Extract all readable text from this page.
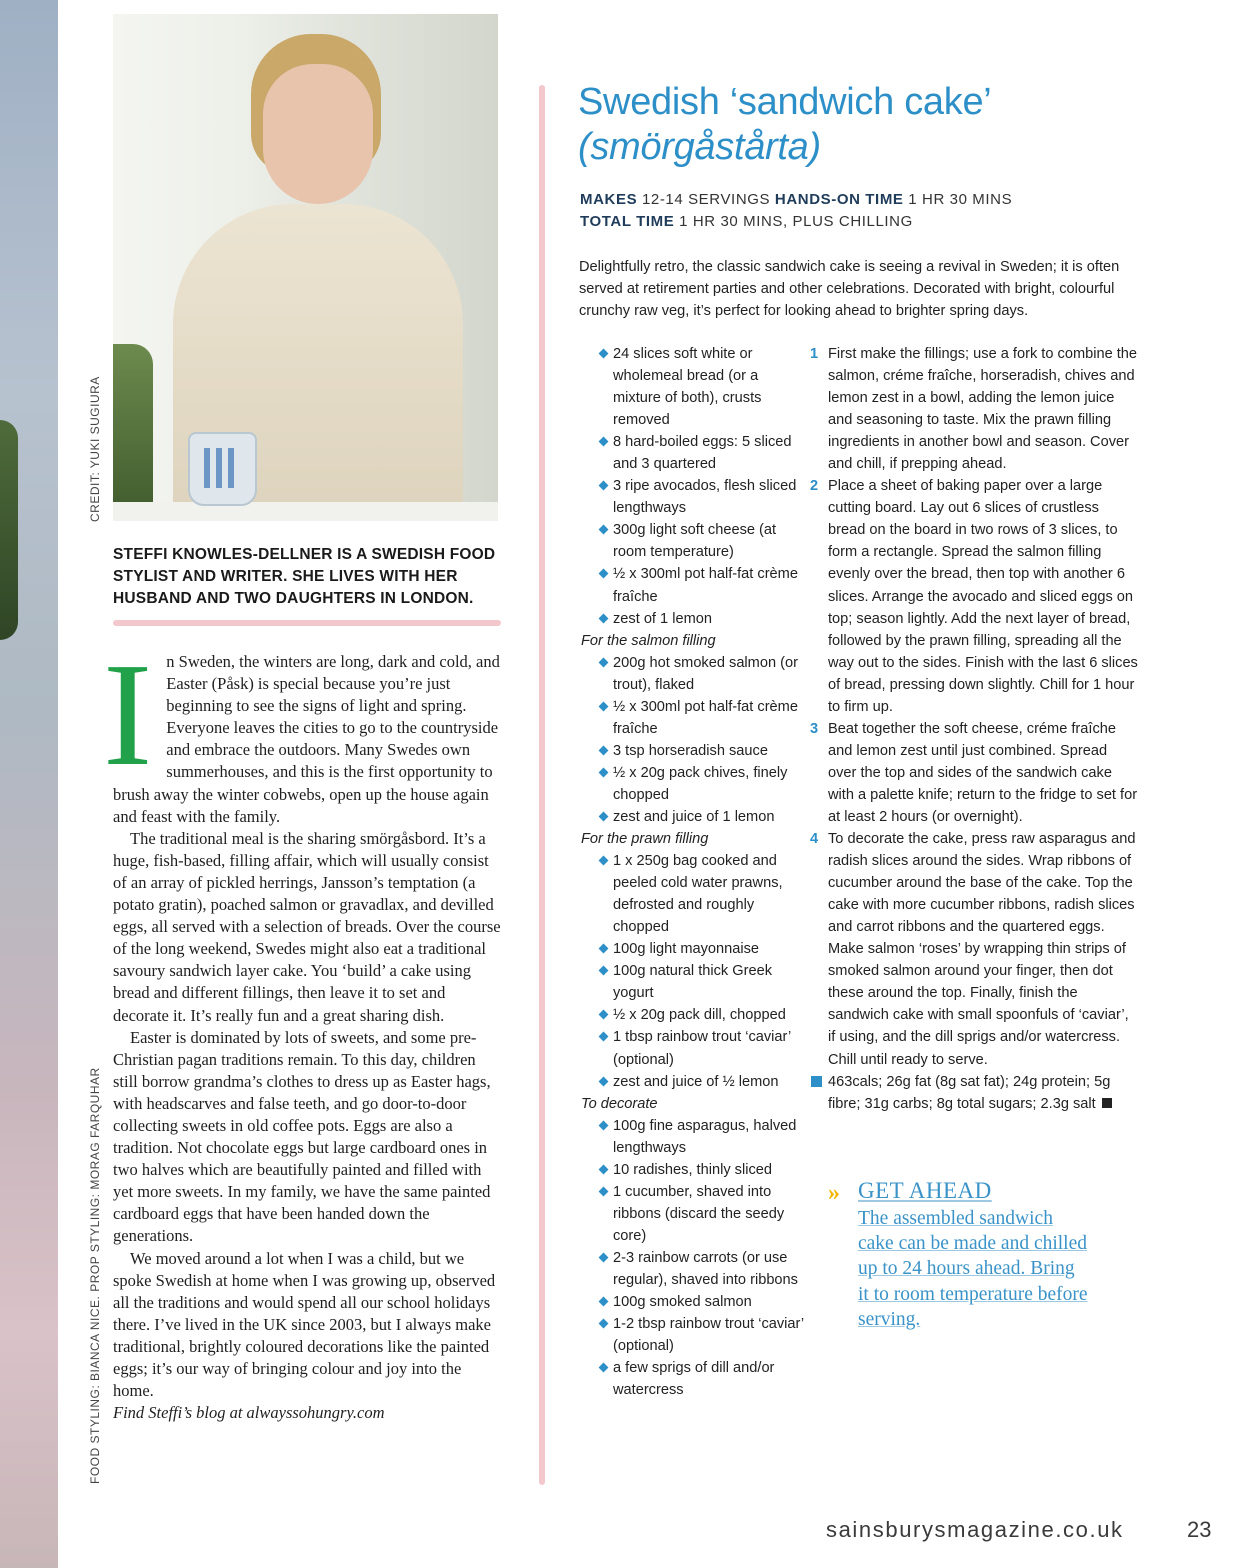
CREDIT: YUKI SUGIURA
FOOD STYLING: BIANCA NICE. PROP STYLING: MORAG FARQUHAR
STEFFI KNOWLES-DELLNER IS A SWEDISH FOOD STYLIST AND WRITER. SHE LIVES WITH HER HUSBAND AND TWO DAUGHTERS IN LONDON.
I n Sweden, the winters are long, dark and cold, and Easter (Påsk) is special because you’re just beginning to see the signs of light and spring. Everyone leaves the cities to go to the countryside and embrace the outdoors. Many Swedes own summerhouses, and this is the first opportunity to brush away the winter cobwebs, open up the house again and feast with the family.

The traditional meal is the sharing smörgåsbord. It’s a huge, fish-based, filling affair, which will usually consist of an array of pickled herrings, Jansson’s temptation (a potato gratin), poached salmon or gravadlax, and devilled eggs, all served with a selection of breads. Over the course of the long weekend, Swedes might also eat a traditional savoury sandwich layer cake. You ‘build’ a cake using bread and different fillings, then leave it to set and decorate it. It’s really fun and a great sharing dish.

Easter is dominated by lots of sweets, and some pre-Christian pagan traditions remain. To this day, children still borrow grandma’s clothes to dress up as Easter hags, with headscarves and false teeth, and go door-to-door collecting sweets in old coffee pots. Eggs are also a tradition. Not chocolate eggs but large cardboard ones in two halves which are beautifully painted and filled with yet more sweets. In my family, we have the same painted cardboard eggs that have been handed down the generations.

We moved around a lot when I was a child, but we spoke Swedish at home when I was growing up, observed all the traditions and would spend all our school holidays there. I’ve lived in the UK since 2003, but I always make traditional, brightly coloured decorations like the painted eggs; it’s our way of bringing colour and joy into the home.

Find Steffi’s blog at alwayssohungry.com

Swedish ‘sandwich cake’
(smörgåstårta)
MAKES 12-14 SERVINGS HANDS-ON TIME 1 HR 30 MINS
TOTAL TIME 1 HR 30 MINS, PLUS CHILLING
Delightfully retro, the classic sandwich cake is seeing a revival in Sweden; it is often served at retirement parties and other celebrations. Decorated with bright, colourful crunchy raw veg, it’s perfect for looking ahead to brighter spring days.
24 slices soft white or wholemeal bread (or a mixture of both), crusts removed
8 hard-boiled eggs: 5 sliced and 3 quartered
3 ripe avocados, flesh sliced lengthways
300g light soft cheese (at room temperature)
½ x 300ml pot half-fat crème fraîche
zest of 1 lemon
For the salmon filling
200g hot smoked salmon (or trout), flaked
½ x 300ml pot half-fat crème fraîche
3 tsp horseradish sauce
½ x 20g pack chives, finely chopped
zest and juice of 1 lemon
For the prawn filling
1 x 250g bag cooked and peeled cold water prawns, defrosted and roughly chopped
100g light mayonnaise
100g natural thick Greek yogurt
½ x 20g pack dill, chopped
1 tbsp rainbow trout ‘caviar’ (optional)
zest and juice of ½ lemon
To decorate
100g fine asparagus, halved lengthways
10 radishes, thinly sliced
1 cucumber, shaved into ribbons (discard the seedy core)
2-3 rainbow carrots (or use regular), shaved into ribbons
100g smoked salmon
1-2 tbsp rainbow trout ‘caviar’ (optional)
a few sprigs of dill and/or watercress
1 First make the fillings; use a fork to combine the salmon, créme fraîche, horseradish, chives and lemon zest in a bowl, adding the lemon juice and seasoning to taste. Mix the prawn filling ingredients in another bowl and season. Cover and chill, if prepping ahead.
2 Place a sheet of baking paper over a large cutting board. Lay out 6 slices of crustless bread on the board in two rows of 3 slices, to form a rectangle. Spread the salmon filling evenly over the bread, then top with another 6 slices. Arrange the avocado and sliced eggs on top; season lightly. Add the next layer of bread, followed by the prawn filling, spreading all the way out to the sides. Finish with the last 6 slices of bread, pressing down slightly. Chill for 1 hour to firm up.
3 Beat together the soft cheese, créme fraîche and lemon zest until just combined. Spread over the top and sides of the sandwich cake with a palette knife; return to the fridge to set for at least 2 hours (or overnight).
4 To decorate the cake, press raw asparagus and radish slices around the sides. Wrap ribbons of cucumber around the base of the cake. Top the cake with more cucumber ribbons, radish slices and carrot ribbons and the quartered eggs. Make salmon ‘roses’ by wrapping thin strips of smoked salmon around your finger, then dot these around the top. Finally, finish the sandwich cake with small spoonfuls of ‘caviar’, if using, and the dill sprigs and/or watercress. Chill until ready to serve.
463cals; 26g fat (8g sat fat); 24g protein; 5g fibre; 31g carbs; 8g total sugars; 2.3g salt
» GET AHEAD
The assembled sandwich cake can be made and chilled up to 24 hours ahead. Bring it to room temperature before serving.
sainsburysmagazine.co.uk	23
